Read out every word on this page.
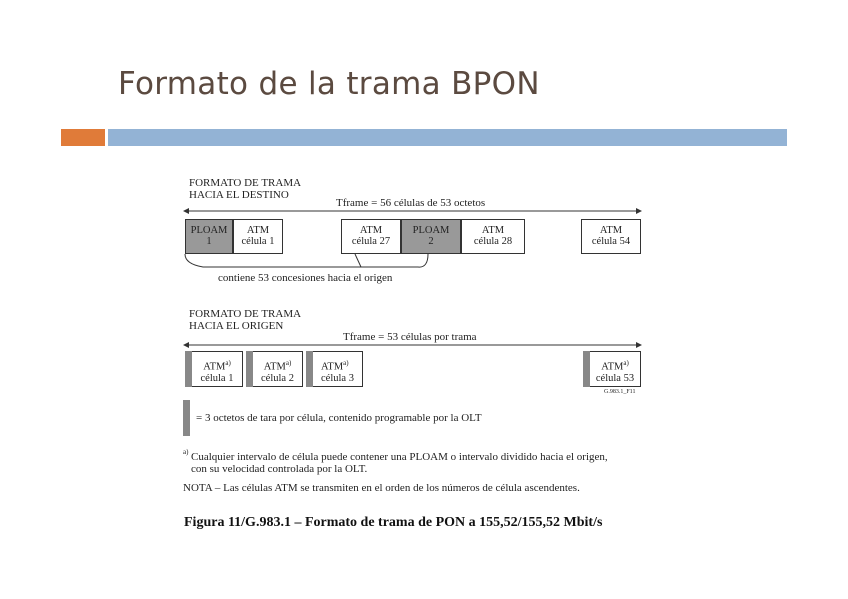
Formato de la trama BPON
FORMATO DE TRAMA
HACIA EL DESTINO
Tframe = 56 células de 53 octetos
PLOAM
1
ATM
célula 1
ATM
célula 27
PLOAM
2
ATM
célula 28
ATM
célula 54
contiene 53 concesiones hacia el origen
FORMATO DE TRAMA
HACIA EL ORIGEN
Tframe = 53 células por trama
ATM$^{a)}$
célula 1
ATM$^{a)}$
célula 2
ATM$^{a)}$
célula 3
ATM$^{a)}$
célula 53
G.983.1_F11
= 3 octetos de tara por célula, contenido programable por la OLT
a) Cualquier intervalo de célula puede contener una PLOAM o intervalo dividido hacia el origen,
con su velocidad controlada por la OLT.
NOTA – Las células ATM se transmiten en el orden de los números de célula ascendentes.
Figura 11/G.983.1 – Formato de trama de PON a 155,52/155,52 Mbit/s
